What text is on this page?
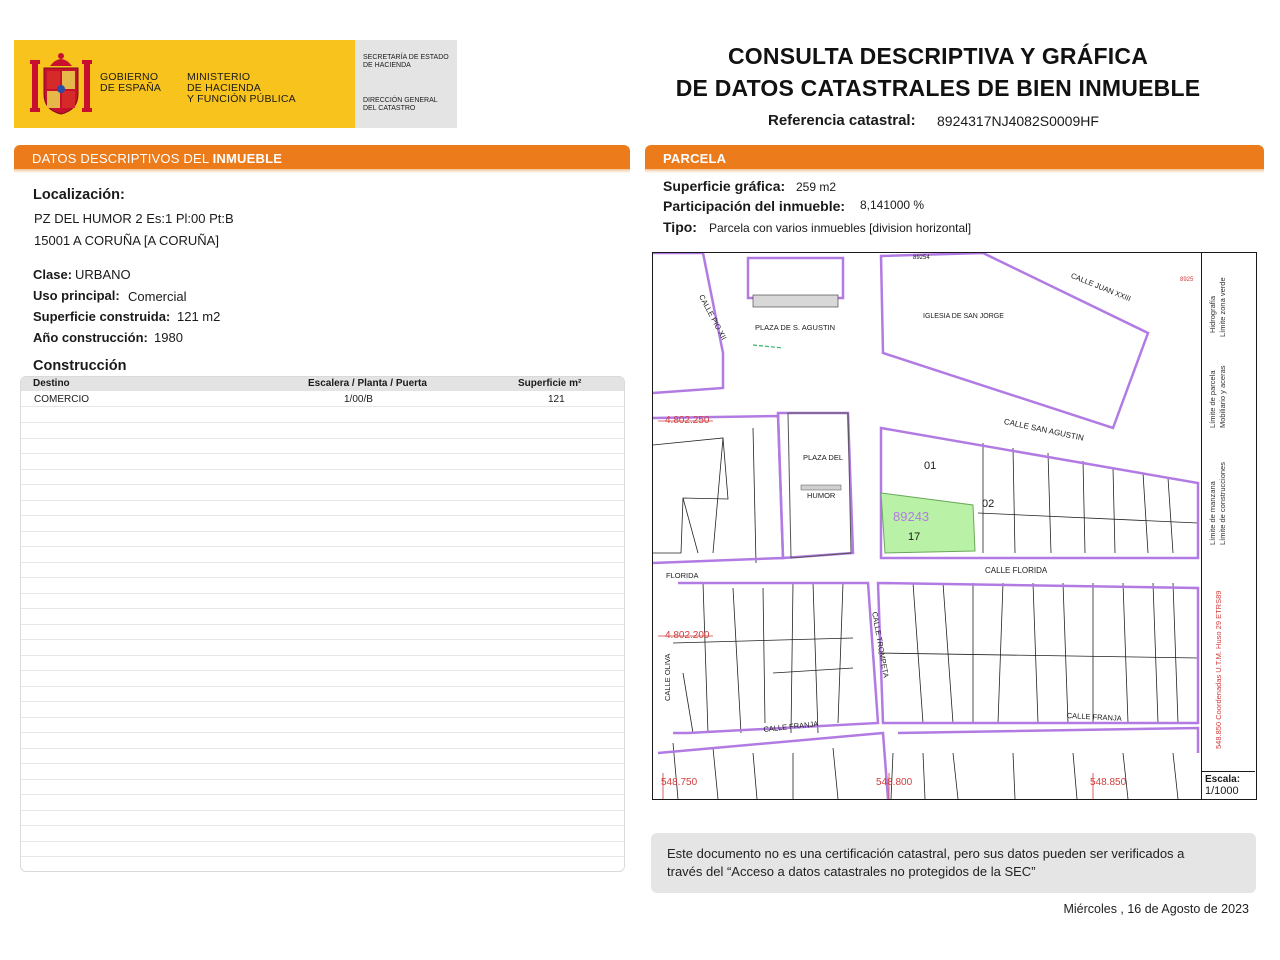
GOBIERNO
DE ESPAÑA
MINISTERIO
DE HACIENDA
Y FUNCIÓN PÚBLICA
SECRETARÍA DE ESTADO
DE HACIENDA
DIRECCIÓN GENERAL
DEL CATASTRO
CONSULTA DESCRIPTIVA Y GRÁFICA
DE DATOS CATASTRALES DE BIEN INMUEBLE
Referencia catastral: 8924317NJ4082S0009HF
DATOS DESCRIPTIVOS DEL INMUEBLE
Localización:
PZ DEL HUMOR 2 Es:1 Pl:00 Pt:B
15001 A CORUÑA [A CORUÑA]
Clase: URBANO
Uso principal: Comercial
Superficie construida: 121 m2
Año construcción: 1980
Construcción
Destino	Escalera / Planta / Puerta	Superficie m²
COMERCIO	1/00/B	121
PARCELA
Superficie gráfica: 259 m2
Participación del inmueble: 8,141000 %
Tipo: Parcela con varios inmuebles [division horizontal]
PLAZA DE S. AGUSTIN
IGLESIA DE SAN JORGE
CALLE PIO XII
CALLE JUAN XXIII
CALLE SAN AGUSTIN
PLAZA DEL
HUMOR
FLORIDA
CALLE FLORIDA
CALLE TROMPETA
CALLE OLIVA
CALLE FRANJA
CALLE FRANJA
89243
17
01
02
4.802.250
4.802.200
548.750	548.800	548.850
89254
8925
Hidrografía Límite zona verde
Límite de parcela Mobiliario y aceras
Límite de manzana Límite de construcciones
548.850 Coordenadas U.T.M. Huso 29 ETRS89
Escala:
1/1000
Este documento no es una certificación catastral, pero sus datos pueden ser verificados a
través del “Acceso a datos catastrales no protegidos de la SEC”
Miércoles , 16 de Agosto de 2023
